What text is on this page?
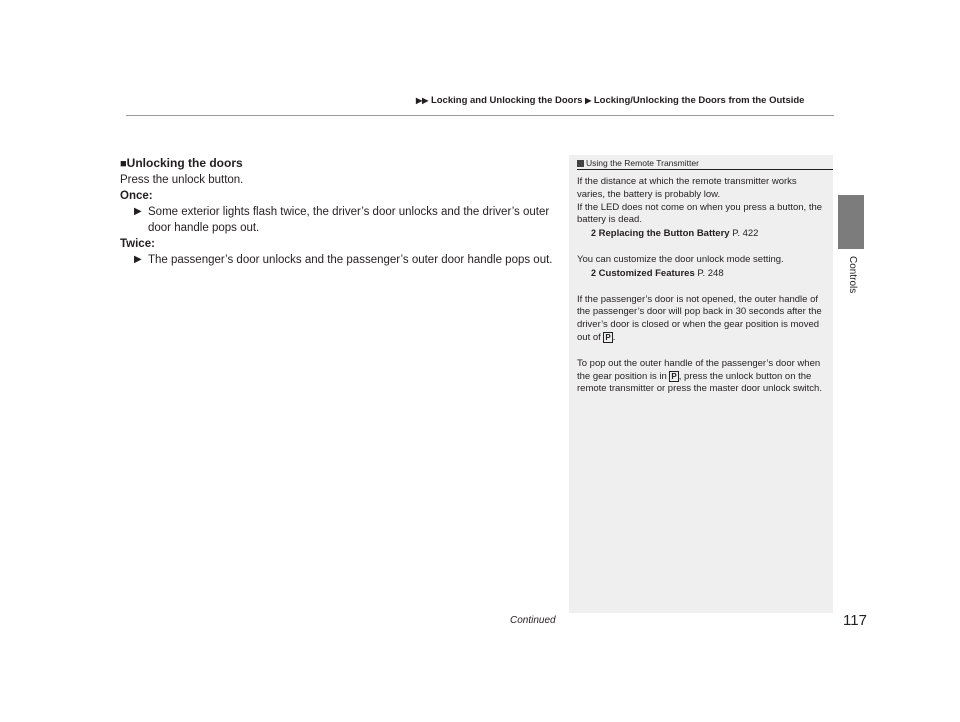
▶▶ Locking and Unlocking the Doors ▶ Locking/Unlocking the Doors from the Outside
Controls
■Unlocking the doors
Press the unlock button.
Once:
▶ Some exterior lights flash twice, the driver’s door unlocks and the driver’s outer door handle pops out.
Twice:
▶ The passenger’s door unlocks and the passenger’s outer door handle pops out.
Using the Remote Transmitter

If the distance at which the remote transmitter works varies, the battery is probably low.
If the LED does not come on when you press a button, the battery is dead.
2 Replacing the Button Battery P. 422

You can customize the door unlock mode setting.
2 Customized Features P. 248

If the passenger’s door is not opened, the outer handle of the passenger’s door will pop back in 30 seconds after the driver’s door is closed or when the gear position is moved out of P .

To pop out the outer handle of the passenger’s door when the gear position is in P , press the unlock button on the remote transmitter or press the master door unlock switch.

Continued	117
